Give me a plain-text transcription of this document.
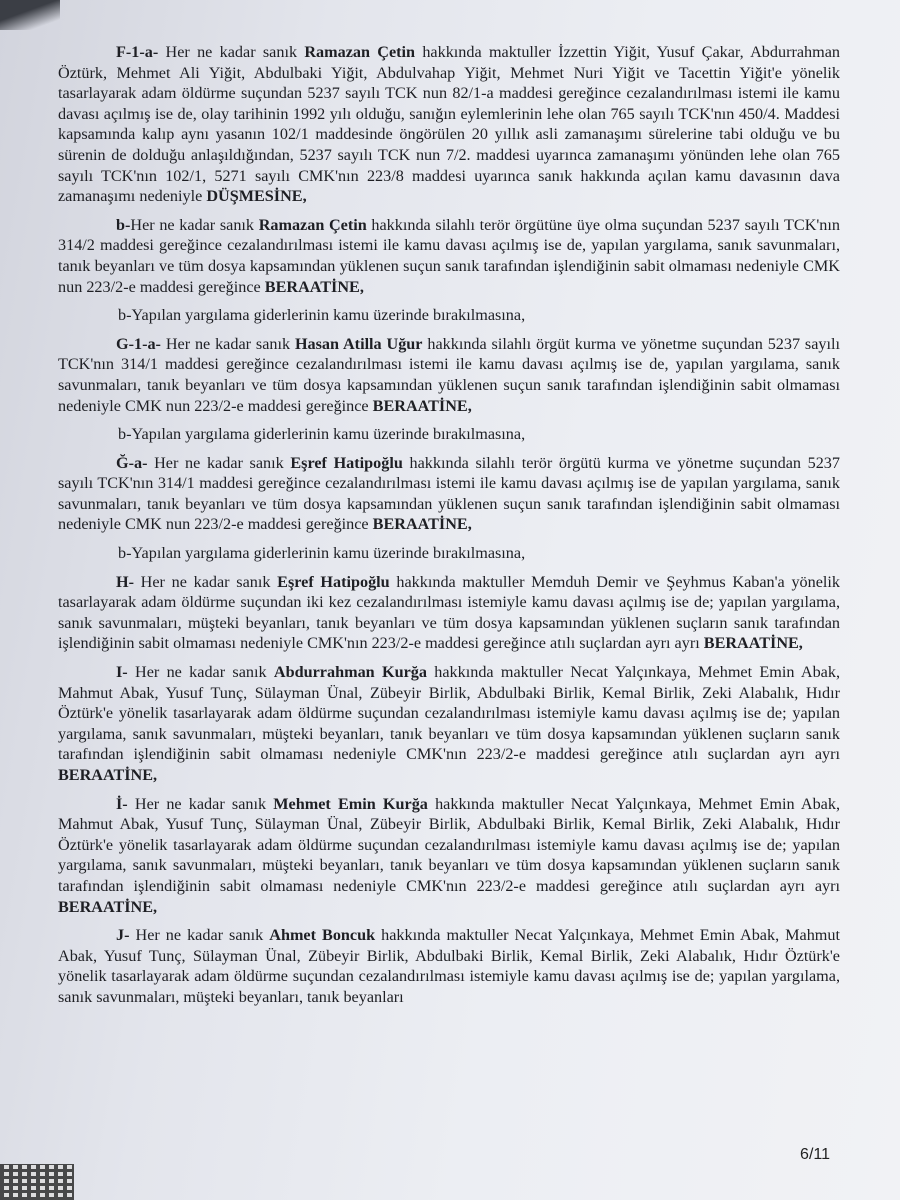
F-1-a- Her ne kadar sanık Ramazan Çetin hakkında maktuller İzzettin Yiğit, Yusuf Çakar, Abdurrahman Öztürk, Mehmet Ali Yiğit, Abdulbaki Yiğit, Abdulvahap Yiğit, Mehmet Nuri Yiğit ve Tacettin Yiğit'e yönelik tasarlayarak adam öldürme suçundan 5237 sayılı TCK nun 82/1-a maddesi gereğince cezalandırılması istemi ile kamu davası açılmış ise de, olay tarihinin 1992 yılı olduğu, sanığın eylemlerinin lehe olan 765 sayılı TCK'nın 450/4. Maddesi kapsamında kalıp aynı yasanın 102/1 maddesinde öngörülen 20 yıllık asli zamanaşımı sürelerine tabi olduğu ve bu sürenin de dolduğu anlaşıldığından, 5237 sayılı TCK nun 7/2. maddesi uyarınca zamanaşımı yönünden lehe olan 765 sayılı TCK'nın 102/1, 5271 sayılı CMK'nın 223/8 maddesi uyarınca sanık hakkında açılan kamu davasının dava zamanaşımı nedeniyle DÜŞMESİNE,

b-Her ne kadar sanık Ramazan Çetin hakkında silahlı terör örgütüne üye olma suçundan 5237 sayılı TCK'nın 314/2 maddesi gereğince cezalandırılması istemi ile kamu davası açılmış ise de, yapılan yargılama, sanık savunmaları, tanık beyanları ve tüm dosya kapsamından yüklenen suçun sanık tarafından işlendiğinin sabit olmaması nedeniyle CMK nun 223/2-e maddesi gereğince BERAATİNE,

b-Yapılan yargılama giderlerinin kamu üzerinde bırakılmasına,

G-1-a- Her ne kadar sanık Hasan Atilla Uğur hakkında silahlı örgüt kurma ve yönetme suçundan 5237 sayılı TCK'nın 314/1 maddesi gereğince cezalandırılması istemi ile kamu davası açılmış ise de, yapılan yargılama, sanık savunmaları, tanık beyanları ve tüm dosya kapsamından yüklenen suçun sanık tarafından işlendiğinin sabit olmaması nedeniyle CMK nun 223/2-e maddesi gereğince BERAATİNE,

b-Yapılan yargılama giderlerinin kamu üzerinde bırakılmasına,

Ğ-a- Her ne kadar sanık Eşref Hatipoğlu hakkında silahlı terör örgütü kurma ve yönetme suçundan 5237 sayılı TCK'nın 314/1 maddesi gereğince cezalandırılması istemi ile kamu davası açılmış ise de yapılan yargılama, sanık savunmaları, tanık beyanları ve tüm dosya kapsamından yüklenen suçun sanık tarafından işlendiğinin sabit olmaması nedeniyle CMK nun 223/2-e maddesi gereğince BERAATİNE,

b-Yapılan yargılama giderlerinin kamu üzerinde bırakılmasına,

H- Her ne kadar sanık Eşref Hatipoğlu hakkında maktuller Memduh Demir ve Şeyhmus Kaban'a yönelik tasarlayarak adam öldürme suçundan iki kez cezalandırılması istemiyle kamu davası açılmış ise de; yapılan yargılama, sanık savunmaları, müşteki beyanları, tanık beyanları ve tüm dosya kapsamından yüklenen suçların sanık tarafından işlendiğinin sabit olmaması nedeniyle CMK'nın 223/2-e maddesi gereğince atılı suçlardan ayrı ayrı BERAATİNE,

I- Her ne kadar sanık Abdurrahman Kurğa hakkında maktuller Necat Yalçınkaya, Mehmet Emin Abak, Mahmut Abak, Yusuf Tunç, Sülayman Ünal, Zübeyir Birlik, Abdulbaki Birlik, Kemal Birlik, Zeki Alabalık, Hıdır Öztürk'e yönelik tasarlayarak adam öldürme suçundan cezalandırılması istemiyle kamu davası açılmış ise de; yapılan yargılama, sanık savunmaları, müşteki beyanları, tanık beyanları ve tüm dosya kapsamından yüklenen suçların sanık tarafından işlendiğinin sabit olmaması nedeniyle CMK'nın 223/2-e maddesi gereğince atılı suçlardan ayrı ayrı BERAATİNE,

İ- Her ne kadar sanık Mehmet Emin Kurğa hakkında maktuller Necat Yalçınkaya, Mehmet Emin Abak, Mahmut Abak, Yusuf Tunç, Sülayman Ünal, Zübeyir Birlik, Abdulbaki Birlik, Kemal Birlik, Zeki Alabalık, Hıdır Öztürk'e yönelik tasarlayarak adam öldürme suçundan cezalandırılması istemiyle kamu davası açılmış ise de; yapılan yargılama, sanık savunmaları, müşteki beyanları, tanık beyanları ve tüm dosya kapsamından yüklenen suçların sanık tarafından işlendiğinin sabit olmaması nedeniyle CMK'nın 223/2-e maddesi gereğince atılı suçlardan ayrı ayrı BERAATİNE,

J- Her ne kadar sanık Ahmet Boncuk hakkında maktuller Necat Yalçınkaya, Mehmet Emin Abak, Mahmut Abak, Yusuf Tunç, Sülayman Ünal, Zübeyir Birlik, Abdulbaki Birlik, Kemal Birlik, Zeki Alabalık, Hıdır Öztürk'e yönelik tasarlayarak adam öldürme suçundan cezalandırılması istemiyle kamu davası açılmış ise de; yapılan yargılama, sanık savunmaları, müşteki beyanları, tanık beyanları

6/11
